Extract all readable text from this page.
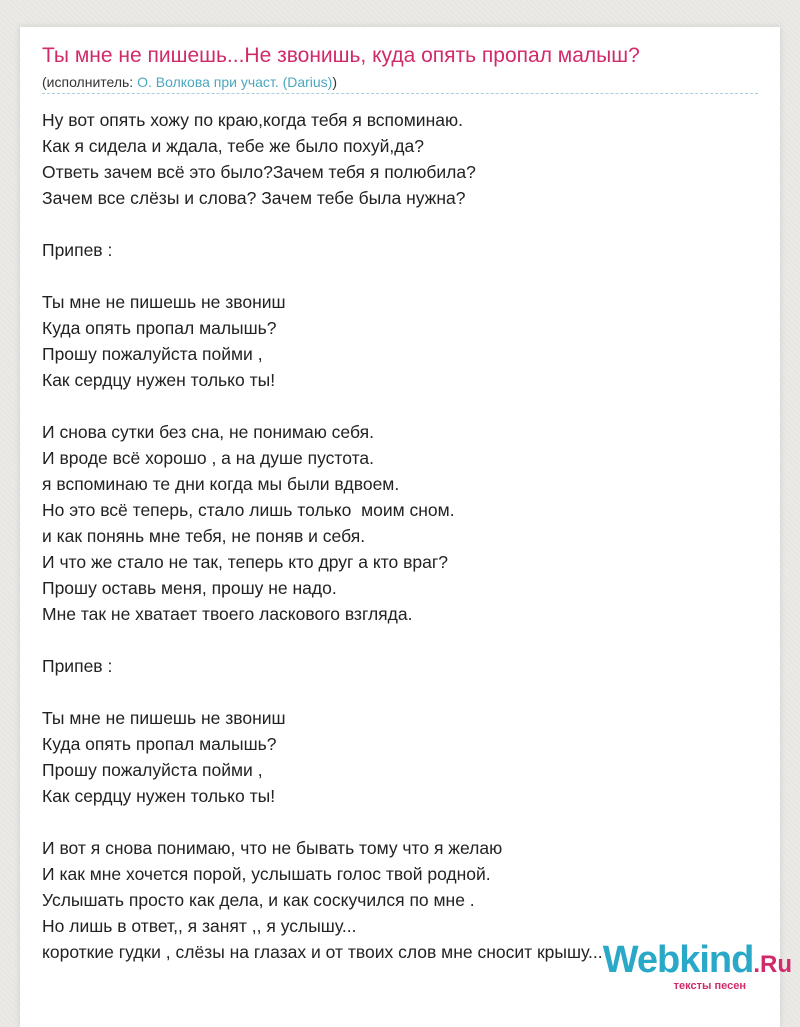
Ты мне не пишешь...Не звонишь, куда опять пропал малыш?
(исполнитель: О. Волкова при участ. (Darius))
Ну вот опять хожу по краю,когда тебя я вспоминаю.
Как я сидела и ждала, тебе же было похуй,да?
Ответь зачем всё это было?Зачем тебя я полюбила?
Зачем все слёзы и слова? Зачем тебе была нужна?
Припев :
Ты мне не пишешь не звониш
Куда опять пропал малышь?
Прошу пожалуйста пойми ,
Как сердцу нужен только ты!
И снова сутки без сна, не понимаю себя.
И вроде всё хорошо , а на душе пустота.
я вспоминаю те дни когда мы были вдвоем.
Но это всё теперь, стало лишь только  моим сном.
и как понянь мне тебя, не поняв и себя.
И что же стало не так, теперь кто друг а кто враг?
Прошу оставь меня, прошу не надо.
Мне так не хватает твоего ласкового взгляда.
Припев :
Ты мне не пишешь не звониш
Куда опять пропал малышь?
Прошу пожалуйста пойми ,
Как сердцу нужен только ты!
И вот я снова понимаю, что не бывать тому что я желаю
И как мне хочется порой, услышать голос твой родной.
Услышать просто как дела, и как соскучился по мне .
Но лишь в ответ,, я занят ,, я услышу...
короткие гудки , слёзы на глазах и от твоих слов мне сносит крышу... Webkind.Ru
тексты песен
